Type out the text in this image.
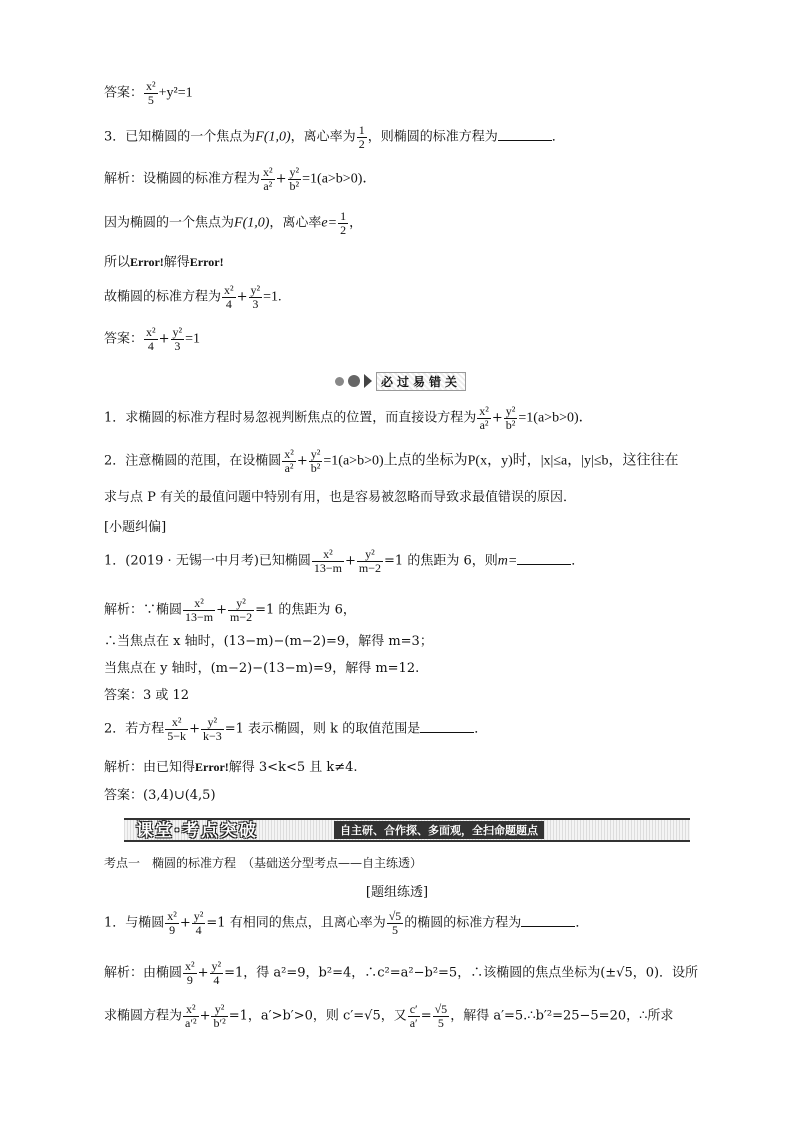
答案： $\frac{\text{x²}}{5} +y^2=1$
3．已知椭圆的一个焦点为F(1,0)，离心率为 $\frac{1}{2}$ ，则椭圆的标准方程为	．
解析：设椭圆的标准方程为 $\frac{\text{x²}}{\text{a²}} + \frac{\text{y²}}{\text{b²}} =1(a>b>0)$．
因为椭圆的一个焦点为F(1,0)，离心率$e= \frac{1}{2}$ ，
所以Error!解得Error!
故椭圆的标准方程为 $\frac{\text{x²}}{4} + \frac{\text{y²}}{3} =1$.
答案： $\frac{\text{x²}}{4} + \frac{\text{y²}}{3} =1$
必过易错关
1．求椭圆的标准方程时易忽视判断焦点的位置，而直接设方程为 $\frac{\text{x²}}{\text{a²}} + \frac{\text{y²}}{\text{b²}} =1(a>b>0)$．
2．注意椭圆的范围，在设椭圆 $\frac{\text{x²}}{\text{a²}} + \frac{\text{y²}}{\text{b²}} =1(a>b>0)$上点的坐标为P(x，y)时，|x|≤a，|y|≤b，这往往在
求与点 P 有关的最值问题中特别有用，也是容易被忽略而导致求最值错误的原因．
[小题纠偏]
1．(2019 · 无锡一中月考)已知椭圆 $\frac{\text{x²}}{13-m} + \frac{\text{y²}}{m-2} =1$ 的焦距为 6，则m=	．
解析：∵椭圆 $\frac{\text{x²}}{13-m} + \frac{\text{y²}}{m-2} =1$ 的焦距为 6，
∴当焦点在 x 轴时，(13−m)−(m−2)=9，解得 m=3；
当焦点在 y 轴时，(m−2)−(13−m)=9，解得 m=12.
答案：3 或 12
2．若方程 $\frac{\text{x²}}{5-k} + \frac{\text{y²}}{k-3} =1$ 表示椭圆，则 k 的取值范围是	．
解析：由已知得Error!解得 3<k<5 且 k≠4.
答案：(3,4)∪(4,5)
课堂·考点突破	自主研、合作探、多面观，全扫命题题点
考点一　椭圆的标准方程　（基础送分型考点——自主练透）
[题组练透]
1．与椭圆 $\frac{\text{x²}}{9} + \frac{\text{y²}}{4} =1$ 有相同的焦点，且离心率为 $\frac{√5}{5}$ 的椭圆的标准方程为	．
解析：由椭圆 $\frac{\text{x²}}{9} + \frac{\text{y²}}{4} =1$，得 a²=9，b²=4，∴c²=a²−b²=5，∴该椭圆的焦点坐标为(±√5，0)．设所
求椭圆方程为 $\frac{\text{x²}}{\text{a′²}} + \frac{\text{y²}}{\text{b′²}} =1$，a′>b′>0，则 c′=√5，又 $\frac{c'}{a'} = \frac{√5}{5}$ ，解得 a′=5.∴b′²=25−5=20，∴所求
